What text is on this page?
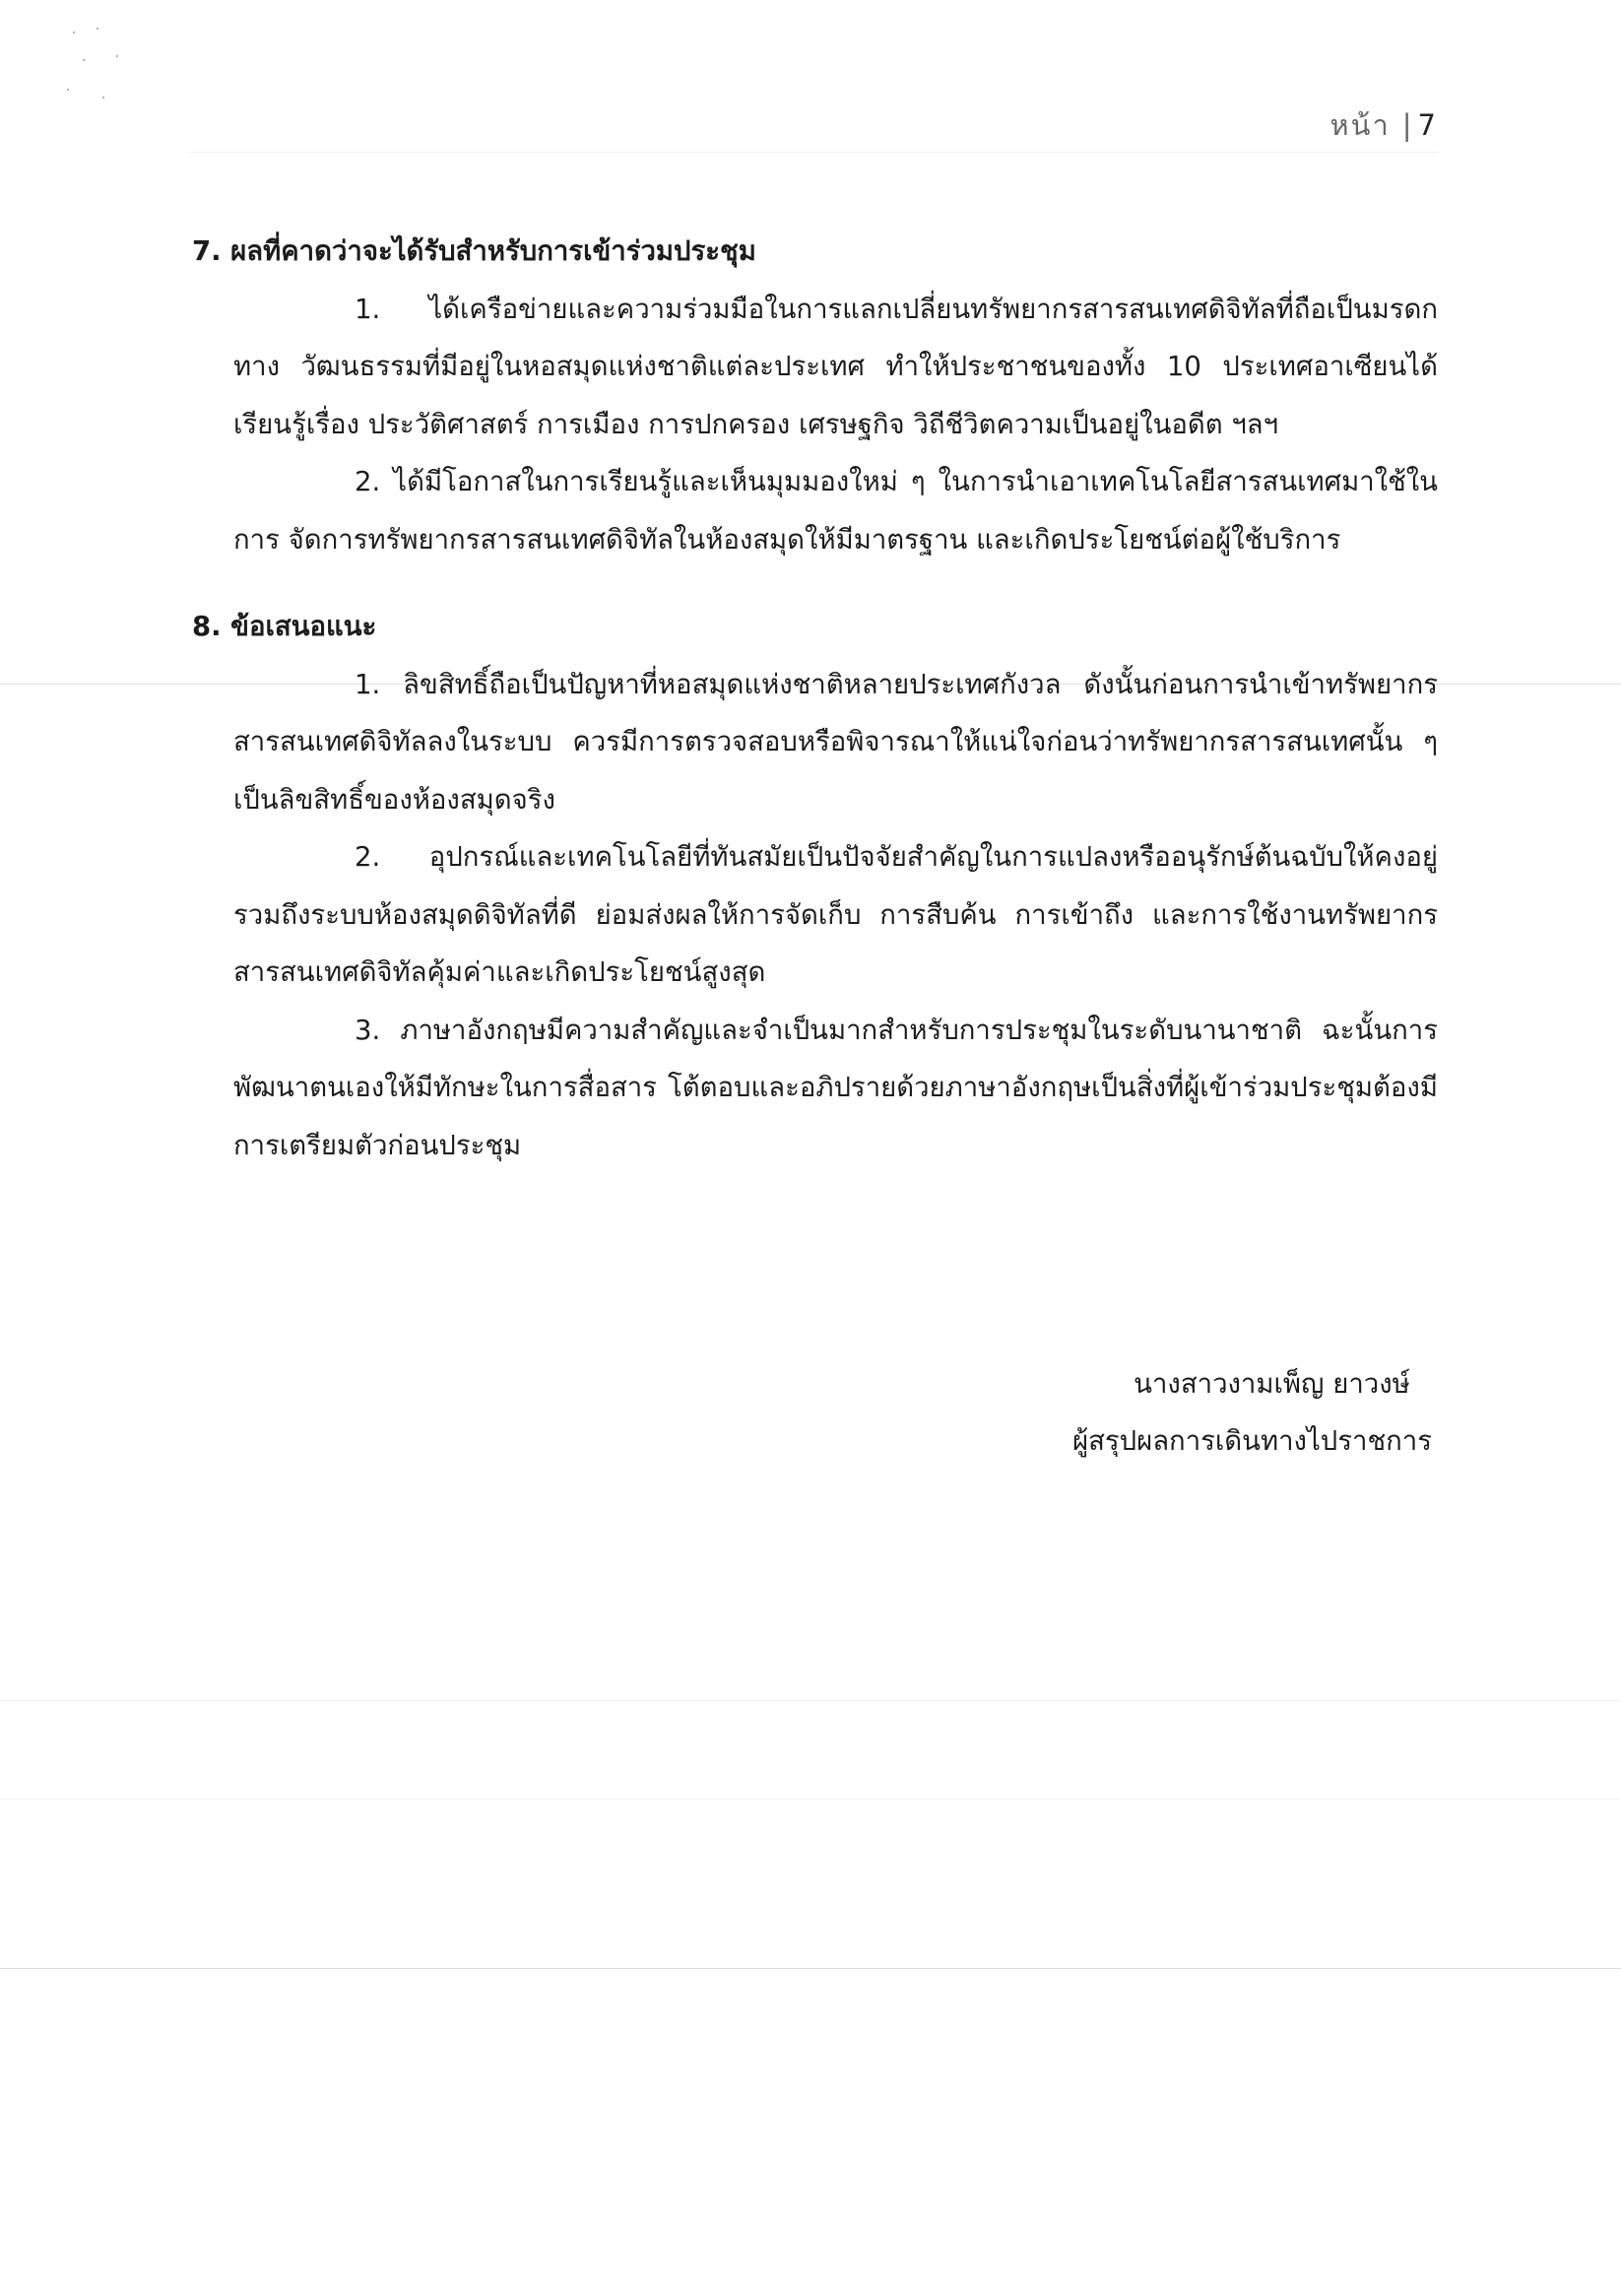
หน้า | 7

7. ผลที่คาดว่าจะได้รับสำหรับการเข้าร่วมประชุม

1. ได้เครือข่ายและความร่วมมือในการแลกเปลี่ยนทรัพยากรสารสนเทศดิจิทัลที่ถือเป็นมรดกทาง วัฒนธรรมที่มีอยู่ในหอสมุดแห่งชาติแต่ละประเทศ ทำให้ประชาชนของทั้ง 10 ประเทศอาเซียนได้เรียนรู้เรื่อง ประวัติศาสตร์ การเมือง การปกครอง เศรษฐกิจ วิถีชีวิตความเป็นอยู่ในอดีต ฯลฯ

2. ได้มีโอกาสในการเรียนรู้และเห็นมุมมองใหม่ ๆ ในการนำเอาเทคโนโลยีสารสนเทศมาใช้ในการ จัดการทรัพยากรสารสนเทศดิจิทัลในห้องสมุดให้มีมาตรฐาน และเกิดประโยชน์ต่อผู้ใช้บริการ

8. ข้อเสนอแนะ

1. ลิขสิทธิ์ถือเป็นปัญหาที่หอสมุดแห่งชาติหลายประเทศกังวล ดังนั้นก่อนการนำเข้าทรัพยากร สารสนเทศดิจิทัลลงในระบบ ควรมีการตรวจสอบหรือพิจารณาให้แน่ใจก่อนว่าทรัพยากรสารสนเทศนั้น ๆ เป็นลิขสิทธิ์ของห้องสมุดจริง

2. อุปกรณ์และเทคโนโลยีที่ทันสมัยเป็นปัจจัยสำคัญในการแปลงหรืออนุรักษ์ต้นฉบับให้คงอยู่ รวมถึงระบบห้องสมุดดิจิทัลที่ดี ย่อมส่งผลให้การจัดเก็บ การสืบค้น การเข้าถึง และการใช้งานทรัพยากร สารสนเทศดิจิทัลคุ้มค่าและเกิดประโยชน์สูงสุด

3. ภาษาอังกฤษมีความสำคัญและจำเป็นมากสำหรับการประชุมในระดับนานาชาติ ฉะนั้นการ พัฒนาตนเองให้มีทักษะในการสื่อสาร โต้ตอบและอภิปรายด้วยภาษาอังกฤษเป็นสิ่งที่ผู้เข้าร่วมประชุมต้องมี การเตรียมตัวก่อนประชุม

นางสาวงามเพ็ญ ยาวงษ์
ผู้สรุปผลการเดินทางไปราชการ
